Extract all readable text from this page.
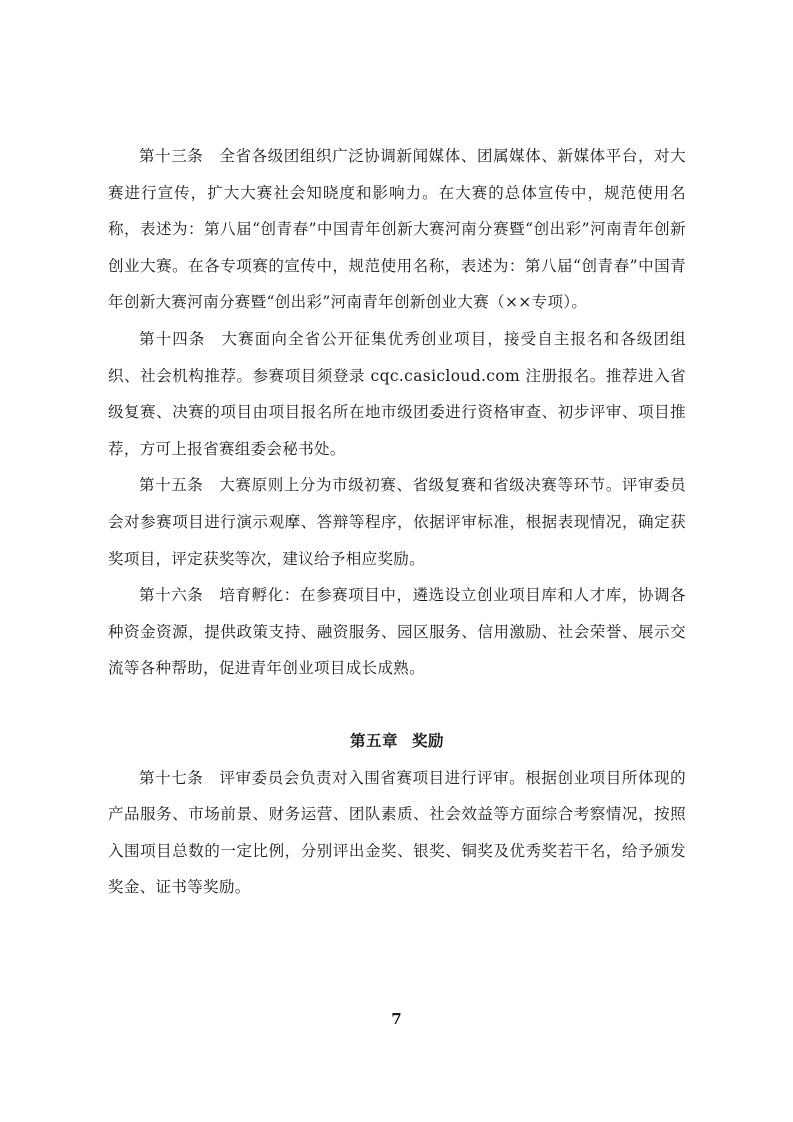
第十三条 全省各级团组织广泛协调新闻媒体、团属媒体、新媒体平台，对大赛进行宣传，扩大大赛社会知晓度和影响力。在大赛的总体宣传中，规范使用名称，表述为：第八届“创青春”中国青年创新大赛河南分赛暨“创出彩”河南青年创新创业大赛。在各专项赛的宣传中，规范使用名称，表述为：第八届“创青春”中国青年创新大赛河南分赛暨“创出彩”河南青年创新创业大赛（××专项）。

第十四条 大赛面向全省公开征集优秀创业项目，接受自主报名和各级团组织、社会机构推荐。参赛项目须登录 cqc.casicloud.com 注册报名。推荐进入省级复赛、决赛的项目由项目报名所在地市级团委进行资格审查、初步评审、项目推荐，方可上报省赛组委会秘书处。

第十五条 大赛原则上分为市级初赛、省级复赛和省级决赛等环节。评审委员会对参赛项目进行演示观摩、答辩等程序，依据评审标准，根据表现情况，确定获奖项目，评定获奖等次，建议给予相应奖励。

第十六条 培育孵化：在参赛项目中，遴选设立创业项目库和人才库，协调各种资金资源，提供政策支持、融资服务、园区服务、信用激励、社会荣誉、展示交流等各种帮助，促进青年创业项目成长成熟。

第五章 奖励

第十七条 评审委员会负责对入围省赛项目进行评审。根据创业项目所体现的产品服务、市场前景、财务运营、团队素质、社会效益等方面综合考察情况，按照入围项目总数的一定比例，分别评出金奖、银奖、铜奖及优秀奖若干名，给予颁发奖金、证书等奖励。

7
